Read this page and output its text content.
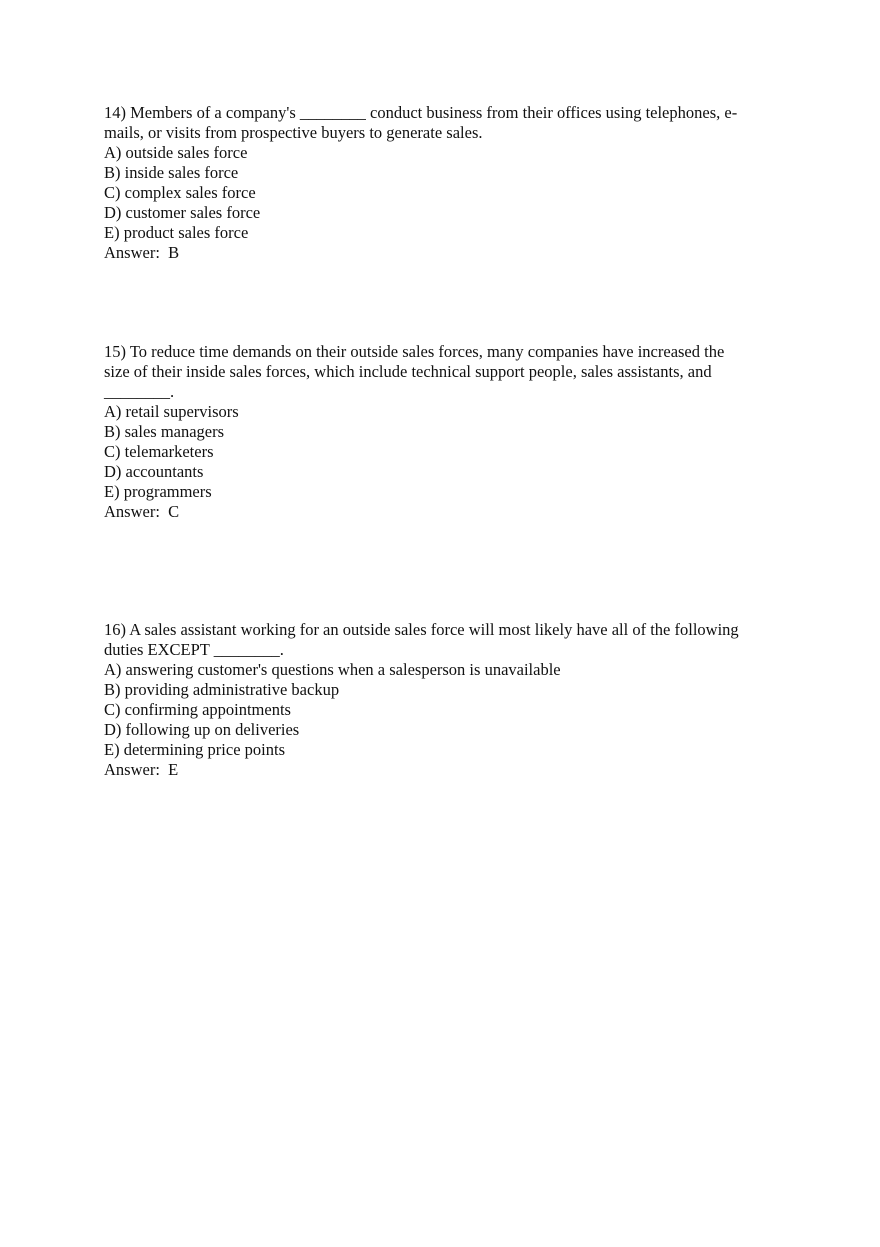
14) Members of a company's ________ conduct business from their offices using telephones, e-
mails, or visits from prospective buyers to generate sales.

A) outside sales force

B) inside sales force

C) complex sales force

D) customer sales force

E) product sales force

Answer:  B

15) To reduce time demands on their outside sales forces, many companies have increased the
size of their inside sales forces, which include technical support people, sales assistants, and
________.

A) retail supervisors

B) sales managers

C) telemarketers

D) accountants

E) programmers

Answer:  C

16) A sales assistant working for an outside sales force will most likely have all of the following
duties EXCEPT ________.

A) answering customer's questions when a salesperson is unavailable

B) providing administrative backup

C) confirming appointments

D) following up on deliveries

E) determining price points

Answer:  E
